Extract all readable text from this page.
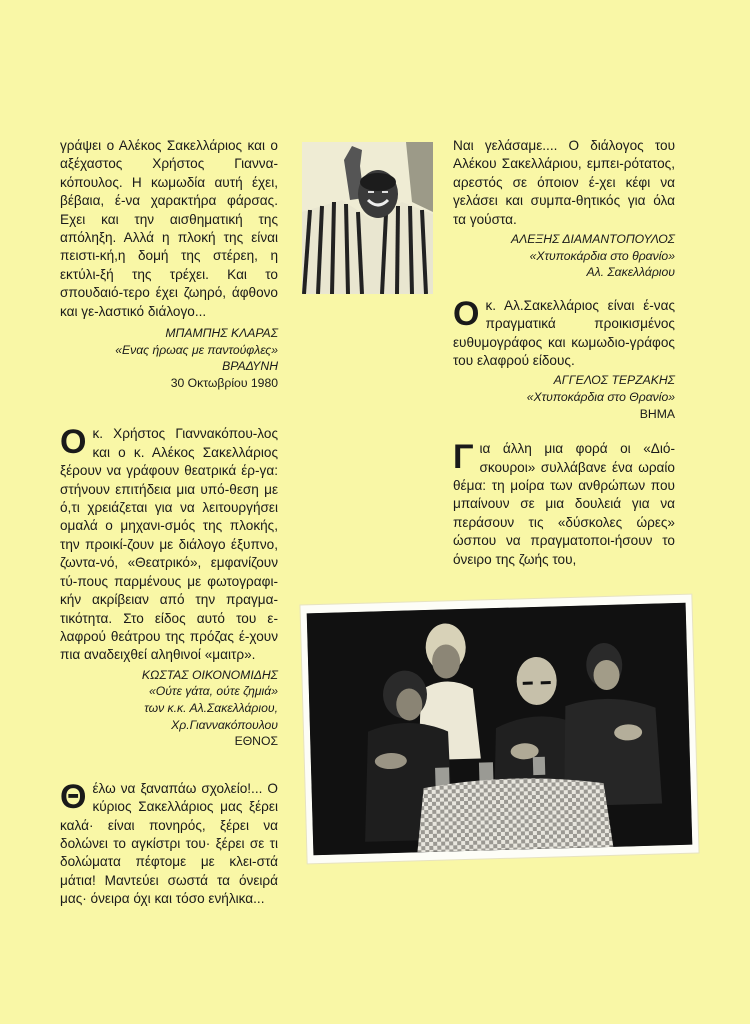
γράψει ο Αλέκος Σακελλάριος και ο αξέχαστος Χρήστος Γιαννα-κόπουλος. Η κωμωδία αυτή έχει, βέβαια, έ-να χαρακτήρα φάρσας. Εχει και την αισθηματική της απόληξη. Αλλά η πλοκή της είναι πειστι-κή,η δομή της στέρεη, η εκτύλι-ξή της τρέχει. Και το σπουδαιό-τερο έχει ζωηρό, άφθονο και γε-λαστικό διάλογο...

ΜΠΑΜΠΗΣ ΚΛΑΡΑΣ

«Ενας ήρωας με παντούφλες»

ΒΡΑΔΥΝΗ

30 Οκτωβρίου 1980

Ο κ. Χρήστος Γιαννακόπου-λος και ο κ. Αλέκος Σακελλάριος ξέρουν να γράφουν θεατρικά έρ-γα: στήνουν επιτήδεια μια υπό-θεση με ό,τι χρειάζεται για να λειτουργήσει ομαλά ο μηχανι-σμός της πλοκής, την προικί-ζουν με διάλογο έξυπνο, ζωντα-νό, «Θεατρικό», εμφανίζουν τύ-πους παρμένους με φωτογραφι-κήν ακρίβειαν από την πραγμα-τικότητα. Στο είδος αυτό του ε-λαφρού θεάτρου της πρόζας έ-χουν πια αναδειχθεί αληθινοί «μαιτρ».

ΚΩΣΤΑΣ ΟΙΚΟΝΟΜΙΔΗΣ

«Ούτε γάτα, ούτε ζημιά»

των κ.κ. Αλ.Σακελλάριου,

Χρ.Γιαννακόπουλου

ΕΘΝΟΣ

Θέλω να ξαναπάω σχολείο!... Ο κύριος Σακελλάριος μας ξέρει καλά· είναι πονηρός, ξέρει να δολώνει το αγκίστρι του· ξέρει σε τι δολώματα πέφτομε με κλει-στά μάτια! Μαντεύει σωστά τα όνειρά μας· όνειρα όχι και τόσο ενήλικα...

Ναι γελάσαμε.... Ο διάλογος του Αλέκου Σακελλάριου, εμπει-ρότατος, αρεστός σε όποιον έ-χει κέφι να γελάσει και συμπα-θητικός για όλα τα γούστα.

ΑΛΕΞΗΣ ΔΙΑΜΑΝΤΟΠΟΥΛΟΣ

«Χτυποκάρδια στο θρανίο»

Αλ. Σακελλάριου

Ο κ. Αλ.Σακελλάριος είναι έ-νας πραγματικά προικισμένος ευθυμογράφος και κωμωδιο-γράφος του ελαφρού είδους.

ΑΓΓΕΛΟΣ ΤΕΡΖΑΚΗΣ

«Χτυποκάρδια στο Θρανίο»

ΒΗΜΑ

Για άλλη μια φορά οι «Διό-σκουροι» συλλάβανε ένα ωραίο θέμα: τη μοίρα των ανθρώπων που μπαίνουν σε μια δουλειά για να περάσουν τις «δύσκολες ώρες» ώσπου να πραγματοποι-ήσουν το όνειρο της ζωής του,
